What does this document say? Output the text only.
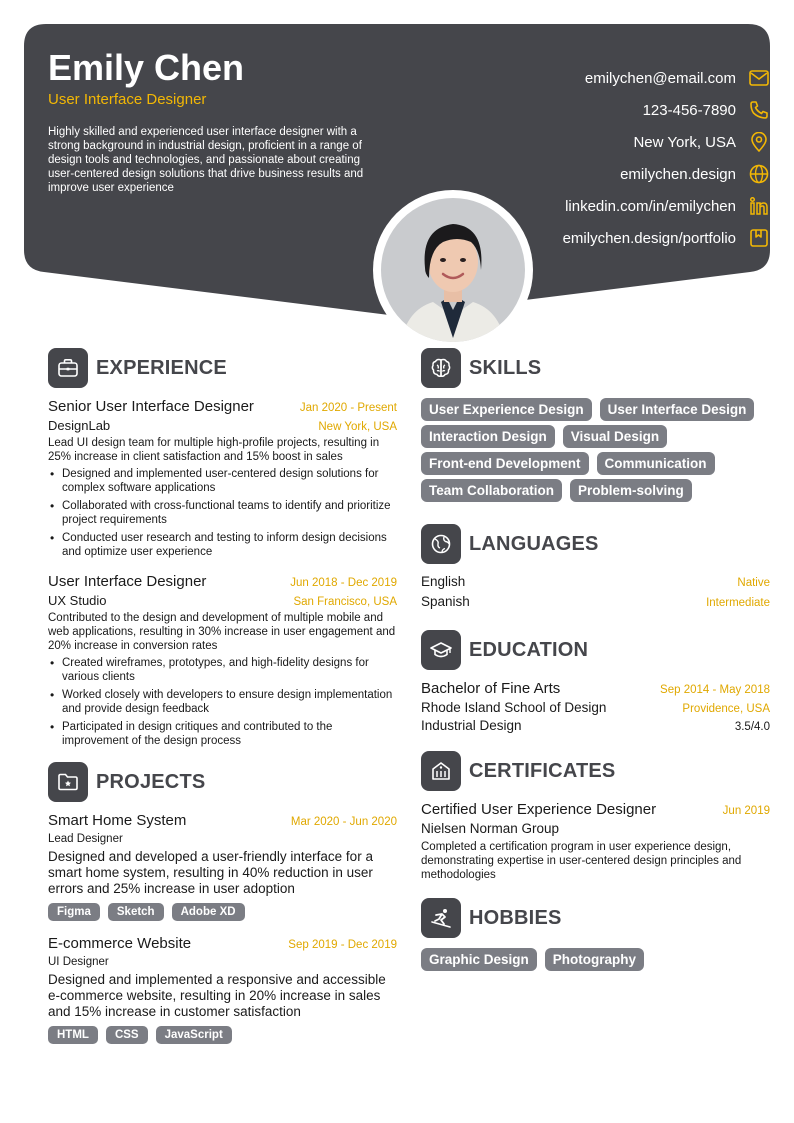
Emily Chen
User Interface Designer
Highly skilled and experienced user interface designer with a strong background in industrial design, proficient in a range of design tools and technologies, and passionate about creating user-centered design solutions that drive business results and improve user experience
emilychen@email.com
123-456-7890
New York, USA
emilychen.design
linkedin.com/in/emilychen
emilychen.design/portfolio
EXPERIENCE
Senior User Interface Designer	Jan 2020 - Present
DesignLab	New York, USA
Lead UI design team for multiple high-profile projects, resulting in 25% increase in client satisfaction and 15% boost in sales
• Designed and implemented user-centered design solutions for complex software applications
• Collaborated with cross-functional teams to identify and prioritize project requirements
• Conducted user research and testing to inform design decisions and optimize user experience
User Interface Designer	Jun 2018 - Dec 2019
UX Studio	San Francisco, USA
Contributed to the design and development of multiple mobile and web applications, resulting in 30% increase in user engagement and 20% increase in conversion rates
• Created wireframes, prototypes, and high-fidelity designs for various clients
• Worked closely with developers to ensure design implementation and provide design feedback
• Participated in design critiques and contributed to the improvement of the design process
PROJECTS
Smart Home System	Mar 2020 - Jun 2020
Lead Designer
Designed and developed a user-friendly interface for a smart home system, resulting in 40% reduction in user errors and 25% increase in user adoption
Figma	Sketch	Adobe XD
E-commerce Website	Sep 2019 - Dec 2019
UI Designer
Designed and implemented a responsive and accessible e-commerce website, resulting in 20% increase in sales and 15% increase in customer satisfaction
HTML	CSS	JavaScript
SKILLS
User Experience Design	User Interface Design
Interaction Design	Visual Design
Front-end Development	Communication
Team Collaboration	Problem-solving
LANGUAGES
English	Native
Spanish	Intermediate
EDUCATION
Bachelor of Fine Arts	Sep 2014 - May 2018
Rhode Island School of Design	Providence, USA
Industrial Design	3.5/4.0
CERTIFICATES
Certified User Experience Designer	Jun 2019
Nielsen Norman Group
Completed a certification program in user experience design, demonstrating expertise in user-centered design principles and methodologies
HOBBIES
Graphic Design	Photography
